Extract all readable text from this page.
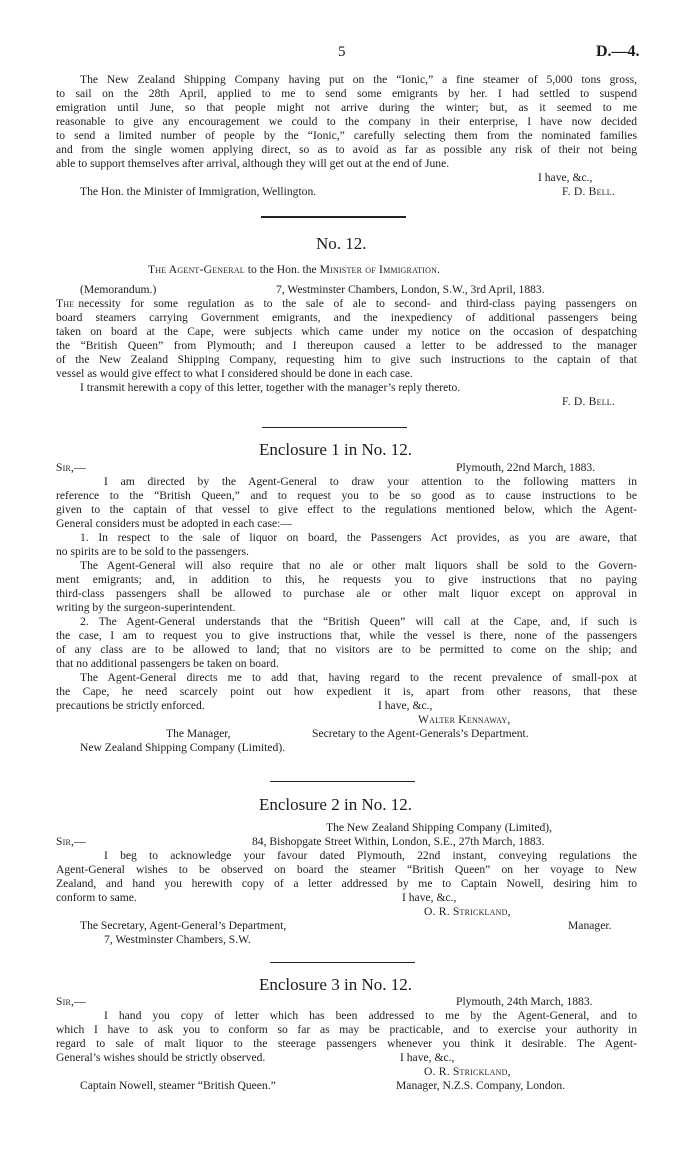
5	D.—4.
The New Zealand Shipping Company having put on the “Ionic,” a fine steamer of 5,000 tons gross,
to sail on the 28th April, applied to me to send some emigrants by her. I had settled to suspend
emigration until June, so that people might not arrive during the winter; but, as it seemed to me
reasonable to give any encouragement we could to the company in their enterprise, I have now decided
to send a limited number of people by the “Ionic,” carefully selecting them from the nominated families
and from the single women applying direct, so as to avoid as far as possible any risk of their not being
able to support themselves after arrival, although they will get out at the end of June.
I have, &c.,
The Hon. the Minister of Immigration, Wellington.	F. D. Bell.
No. 12.
The Agent-General to the Hon. the Minister of Immigration.
(Memorandum.)	7, Westminster Chambers, London, S.W., 3rd April, 1883.
The necessity for some regulation as to the sale of ale to second- and third-class paying passengers on
board steamers carrying Government emigrants, and the inexpediency of additional passengers being
taken on board at the Cape, were subjects which came under my notice on the occasion of despatching
the “British Queen” from Plymouth; and I thereupon caused a letter to be addressed to the manager
of the New Zealand Shipping Company, requesting him to give such instructions to the captain of that
vessel as would give effect to what I considered should be done in each case.
I transmit herewith a copy of this letter, together with the manager’s reply thereto.
F. D. Bell.
Enclosure 1 in No. 12.
Sir,—	Plymouth, 22nd March, 1883.
I am directed by the Agent-General to draw your attention to the following matters in
reference to the “British Queen,” and to request you to be so good as to cause instructions to be
given to the captain of that vessel to give effect to the regulations mentioned below, which the Agent-
General considers must be adopted in each case:—
1. In respect to the sale of liquor on board, the Passengers Act provides, as you are aware, that
no spirits are to be sold to the passengers.
The Agent-General will also require that no ale or other malt liquors shall be sold to the Govern-
ment emigrants; and, in addition to this, he requests you to give instructions that no paying
third-class passengers shall be allowed to purchase ale or other malt liquor except on approval in
writing by the surgeon-superintendent.
2. The Agent-General understands that the “British Queen” will call at the Cape, and, if such is
the case, I am to request you to give instructions that, while the vessel is there, none of the passengers
of any class are to be allowed to land; that no visitors are to be permitted to come on the ship; and
that no additional passengers be taken on board.
The Agent-General directs me to add that, having regard to the recent prevalence of small-pox at
the Cape, he need scarcely point out how expedient it is, apart from other reasons, that these
precautions be strictly enforced.	I have, &c.,
Walter Kennaway,
The Manager,	Secretary to the Agent-Generals’s Department.
New Zealand Shipping Company (Limited).
Enclosure 2 in No. 12.
The New Zealand Shipping Company (Limited),
Sir,—	84, Bishopgate Street Within, London, S.E., 27th March, 1883.
I beg to acknowledge your favour dated Plymouth, 22nd instant, conveying regulations the
Agent-General wishes to be observed on board the steamer “British Queen” on her voyage to New
Zealand, and hand you herewith copy of a letter addressed by me to Captain Nowell, desiring him to
conform to same.	I have, &c.,
O. R. Strickland,
Manager.
The Secretary, Agent-General’s Department,
7, Westminster Chambers, S.W.
Enclosure 3 in No. 12.
Sir,—	Plymouth, 24th March, 1883.
I hand you copy of letter which has been addressed to me by the Agent-General, and to
which I have to ask you to conform so far as may be practicable, and to exercise your authority in
regard to sale of malt liquor to the steerage passengers whenever you think it desirable. The Agent-
General’s wishes should be strictly observed.	I have, &c.,
O. R. Strickland,
Captain Nowell, steamer “British Queen.”	Manager, N.Z.S. Company, London.
